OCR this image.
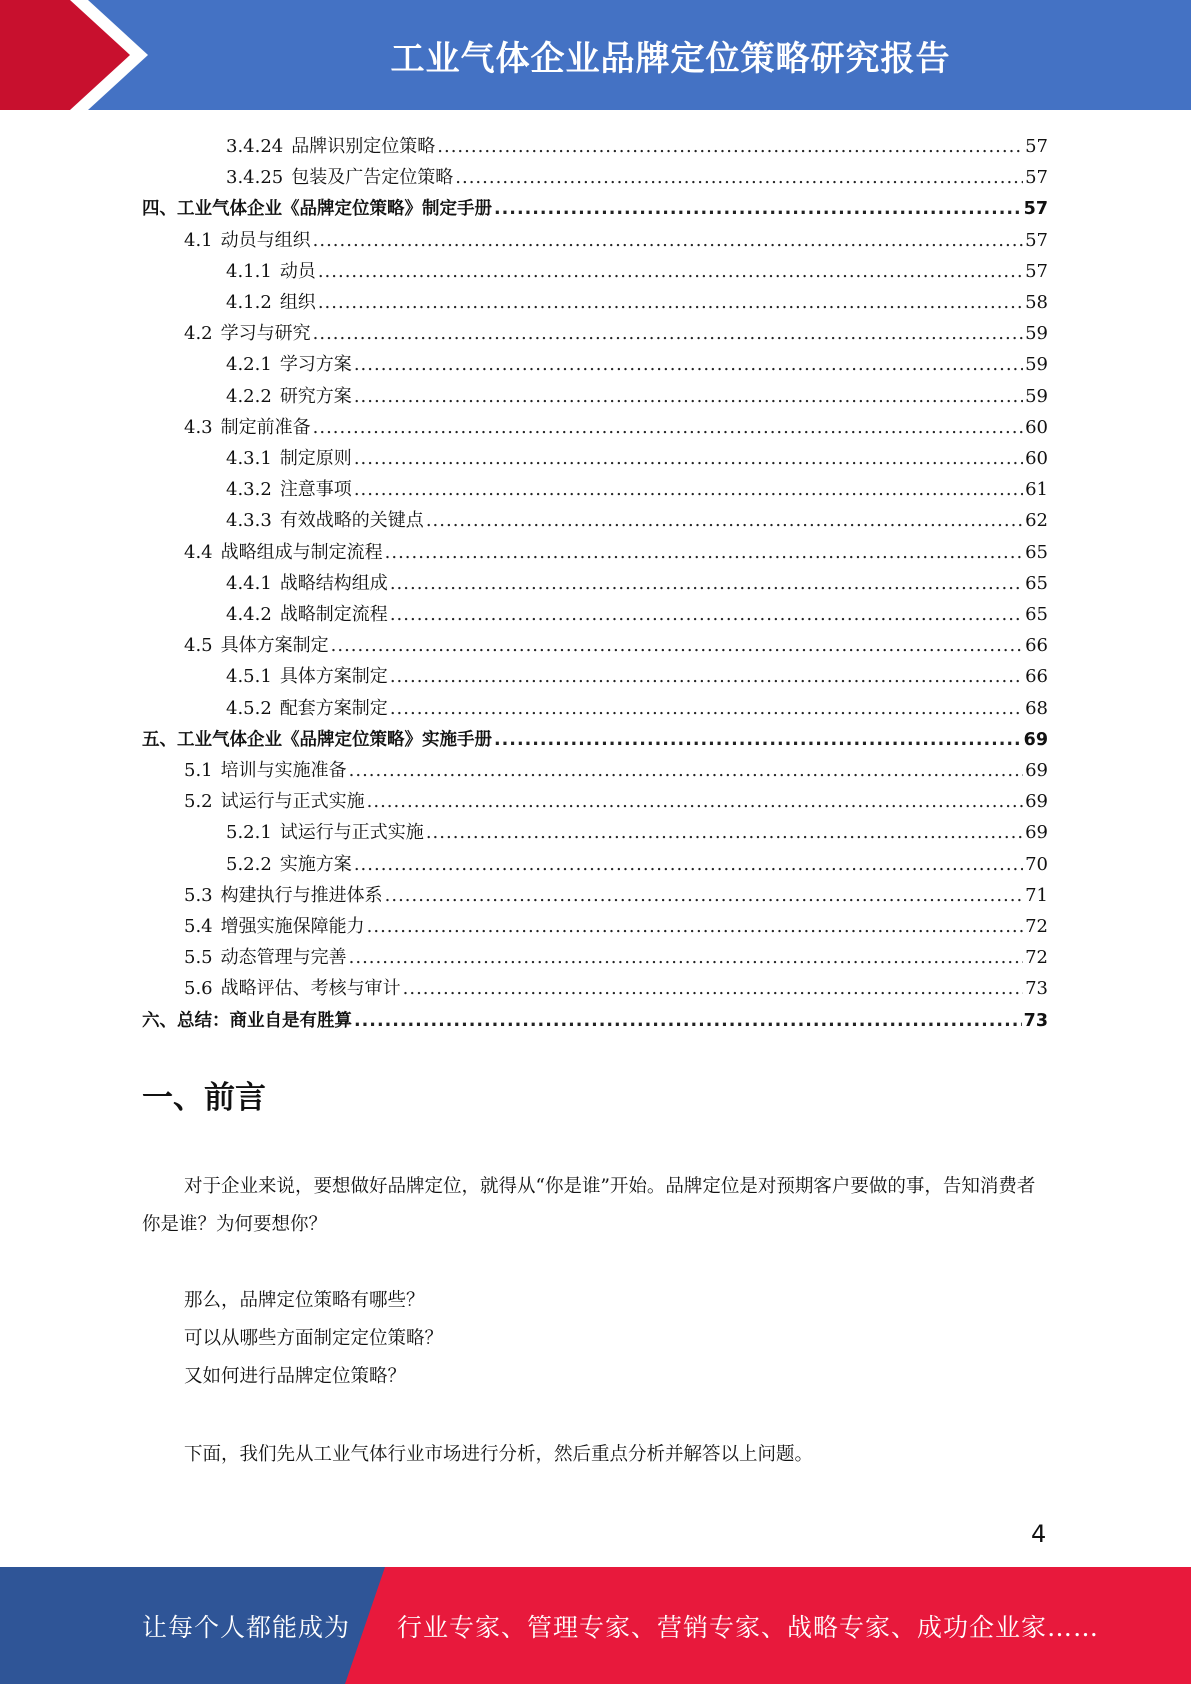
工业气体企业品牌定位策略研究报告
3.4.24 品牌识别定位策略 .....	57
3.4.25 包装及广告定位策略 .....	57
四、工业气体企业《品牌定位策略》制定手册 .....	57
4.1 动员与组织 .....	57
4.1.1 动员 .....	57
4.1.2 组织 .....	58
4.2 学习与研究 .....	59
4.2.1 学习方案 .....	59
4.2.2 研究方案 .....	59
4.3 制定前准备 .....	60
4.3.1 制定原则 .....	60
4.3.2 注意事项 .....	61
4.3.3 有效战略的关键点 .....	62
4.4 战略组成与制定流程 .....	65
4.4.1 战略结构组成 .....	65
4.4.2 战略制定流程 .....	65
4.5 具体方案制定 .....	66
4.5.1 具体方案制定 .....	66
4.5.2 配套方案制定 .....	68
五、工业气体企业《品牌定位策略》实施手册 .....	69
5.1 培训与实施准备 .....	69
5.2 试运行与正式实施 .....	69
5.2.1 试运行与正式实施 .....	69
5.2.2 实施方案 .....	70
5.3 构建执行与推进体系 .....	71
5.4 增强实施保障能力 .....	72
5.5 动态管理与完善 .....	72
5.6 战略评估、考核与审计 .....	73
六、总结：商业自是有胜算 .....	73
一、前言
对于企业来说，要想做好品牌定位，就得从“你是谁”开始。品牌定位是对预期客户要做的事，告知消费者你是谁？为何要想你？
那么，品牌定位策略有哪些？
可以从哪些方面制定定位策略？
又如何进行品牌定位策略？
下面，我们先从工业气体行业市场进行分析，然后重点分析并解答以上问题。
4
让每个人都能成为 行业专家、管理专家、营销专家、战略专家、成功企业家……
